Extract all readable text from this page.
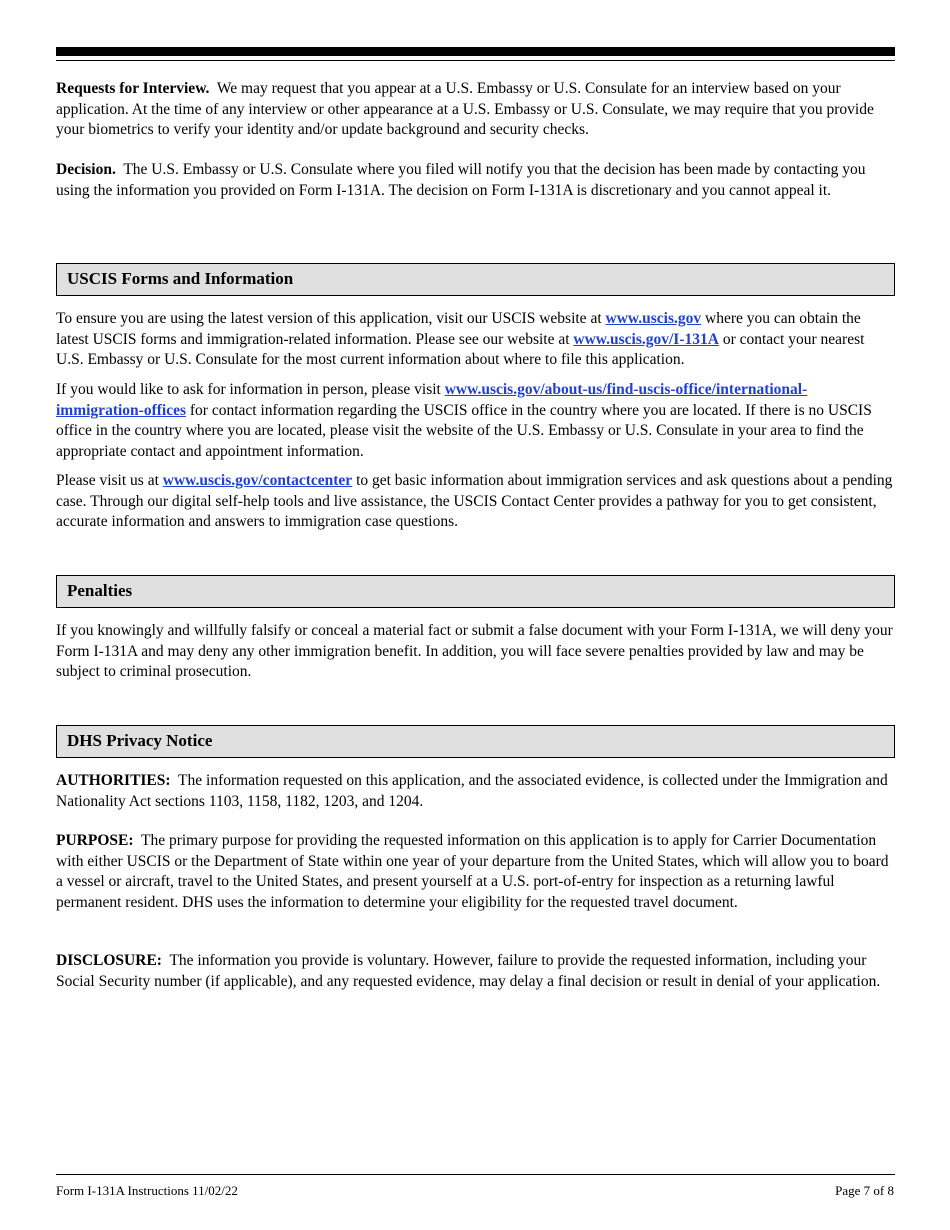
Requests for Interview. We may request that you appear at a U.S. Embassy or U.S. Consulate for an interview based on your application. At the time of any interview or other appearance at a U.S. Embassy or U.S. Consulate, we may require that you provide your biometrics to verify your identity and/or update background and security checks.

Decision. The U.S. Embassy or U.S. Consulate where you filed will notify you that the decision has been made by contacting you using the information you provided on Form I-131A. The decision on Form I-131A is discretionary and you cannot appeal it.

USCIS Forms and Information

To ensure you are using the latest version of this application, visit our USCIS website at www.uscis.gov where you can obtain the latest USCIS forms and immigration-related information. Please see our website at www.uscis.gov/I-131A or contact your nearest U.S. Embassy or U.S. Consulate for the most current information about where to file this application.

If you would like to ask for information in person, please visit www.uscis.gov/about-us/find-uscis-office/international-immigration-offices for contact information regarding the USCIS office in the country where you are located. If there is no USCIS office in the country where you are located, please visit the website of the U.S. Embassy or U.S. Consulate in your area to find the appropriate contact and appointment information.

Please visit us at www.uscis.gov/contactcenter to get basic information about immigration services and ask questions about a pending case. Through our digital self-help tools and live assistance, the USCIS Contact Center provides a pathway for you to get consistent, accurate information and answers to immigration case questions.

Penalties

If you knowingly and willfully falsify or conceal a material fact or submit a false document with your Form I-131A, we will deny your Form I-131A and may deny any other immigration benefit. In addition, you will face severe penalties provided by law and may be subject to criminal prosecution.

DHS Privacy Notice

AUTHORITIES: The information requested on this application, and the associated evidence, is collected under the Immigration and Nationality Act sections 1103, 1158, 1182, 1203, and 1204.

PURPOSE: The primary purpose for providing the requested information on this application is to apply for Carrier Documentation with either USCIS or the Department of State within one year of your departure from the United States, which will allow you to board a vessel or aircraft, travel to the United States, and present yourself at a U.S. port-of-entry for inspection as a returning lawful permanent resident. DHS uses the information to determine your eligibility for the requested travel document.

DISCLOSURE: The information you provide is voluntary. However, failure to provide the requested information, including your Social Security number (if applicable), and any requested evidence, may delay a final decision or result in denial of your application.

Form I-131A Instructions 11/02/22	Page 7 of 8
